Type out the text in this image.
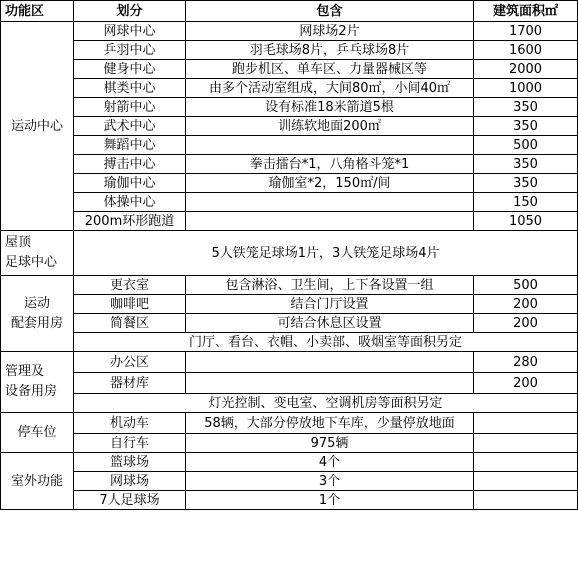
功能区	划分	包含	建筑面积㎡
运动中心	网球中心	网球场2片	1700
	乒羽中心	羽毛球场8片，乒乓球场8片	1600
	健身中心	跑步机区、单车区、力量器械区等	2000
	棋类中心	由多个活动室组成，大间80㎡，小间40㎡	1000
	射箭中心	设有标准18米箭道5根	350
	武术中心	训练软地面200㎡	350
	舞蹈中心		500
	搏击中心	拳击擂台*1，八角格斗笼*1	350
	瑜伽中心	瑜伽室*2，150㎡/间	350
	体操中心		150
	200m环形跑道		1050
屋顶
足球中心	5人铁笼足球场1片，3人铁笼足球场4片		
运动
配套用房	更衣室	包含淋浴、卫生间，上下各设置一组	500
	咖啡吧	结合门厅设置	200
	简餐区	可结合休息区设置	200
	门厅、看台、衣帽、小卖部、吸烟室等面积另定		
管理及
设备用房	办公区		280
	器材库		200
	灯光控制、变电室、空调机房等面积另定		
停车位	机动车	58辆，大部分停放地下车库，少量停放地面	
	自行车	975辆	
室外功能	篮球场	4个	
	网球场	3个	
	7人足球场	1个	
